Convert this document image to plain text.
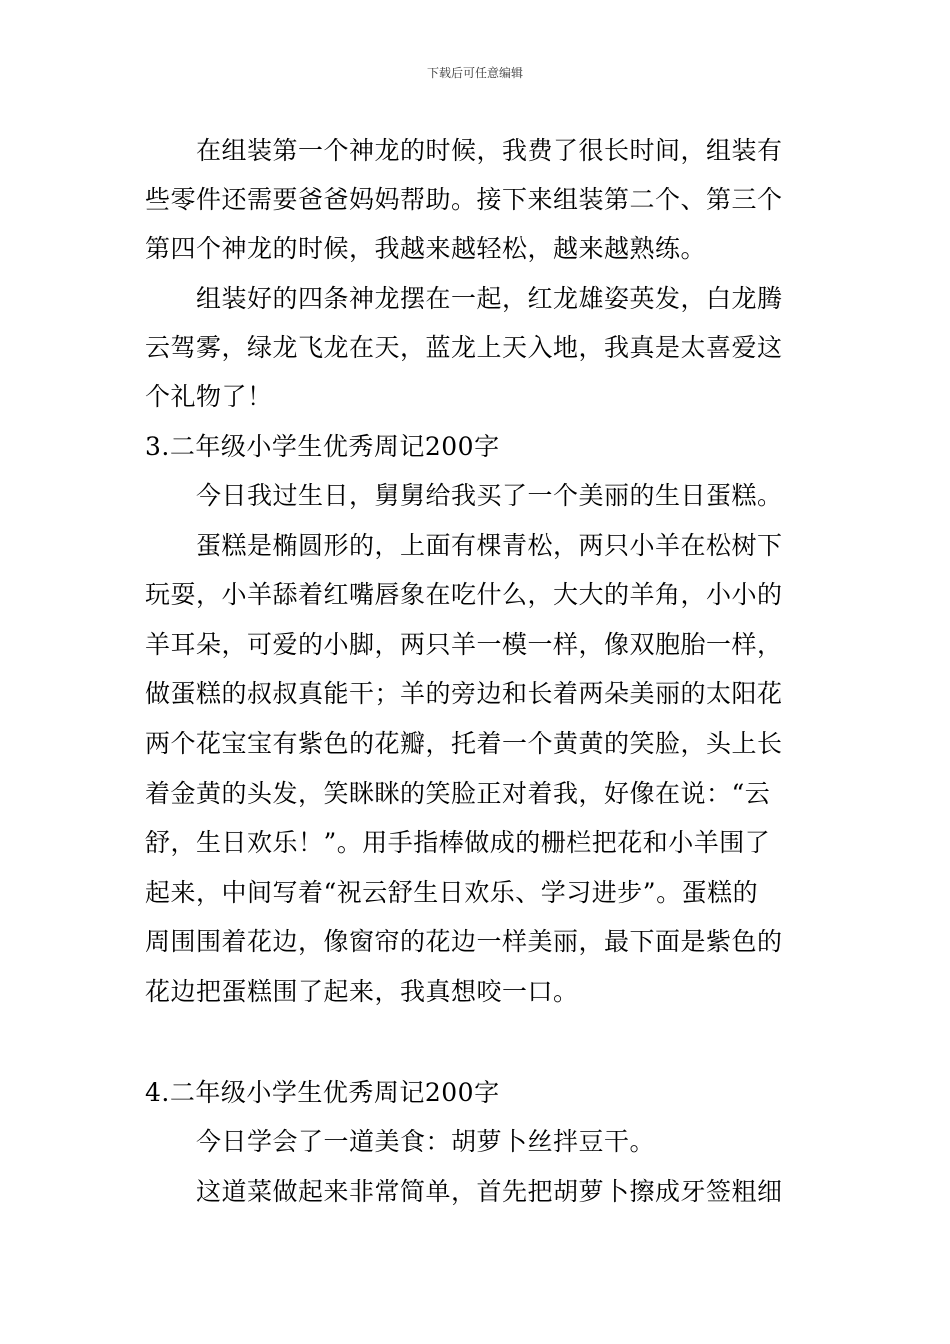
下载后可任意编辑
在组装第一个神龙的时候，我费了很长时间，组装有
些零件还需要爸爸妈妈帮助。接下来组装第二个、第三个
第四个神龙的时候，我越来越轻松，越来越熟练。
组装好的四条神龙摆在一起，红龙雄姿英发，白龙腾
云驾雾，绿龙飞龙在天，蓝龙上天入地，我真是太喜爱这
个礼物了！
3.二年级小学生优秀周记200字
今日我过生日，舅舅给我买了一个美丽的生日蛋糕。
蛋糕是椭圆形的，上面有棵青松，两只小羊在松树下
玩耍，小羊舔着红嘴唇象在吃什么，大大的羊角，小小的
羊耳朵，可爱的小脚，两只羊一模一样，像双胞胎一样，
做蛋糕的叔叔真能干；羊的旁边和长着两朵美丽的太阳花
两个花宝宝有紫色的花瓣，托着一个黄黄的笑脸，头上长
着金黄的头发，笑眯眯的笑脸正对着我，好像在说：“云
舒，生日欢乐！”。用手指棒做成的栅栏把花和小羊围了
起来，中间写着“祝云舒生日欢乐、学习进步”。蛋糕的
周围围着花边，像窗帘的花边一样美丽，最下面是紫色的
花边把蛋糕围了起来，我真想咬一口。
4.二年级小学生优秀周记200字
今日学会了一道美食：胡萝卜丝拌豆干。
这道菜做起来非常简单，首先把胡萝卜擦成牙签粗细
